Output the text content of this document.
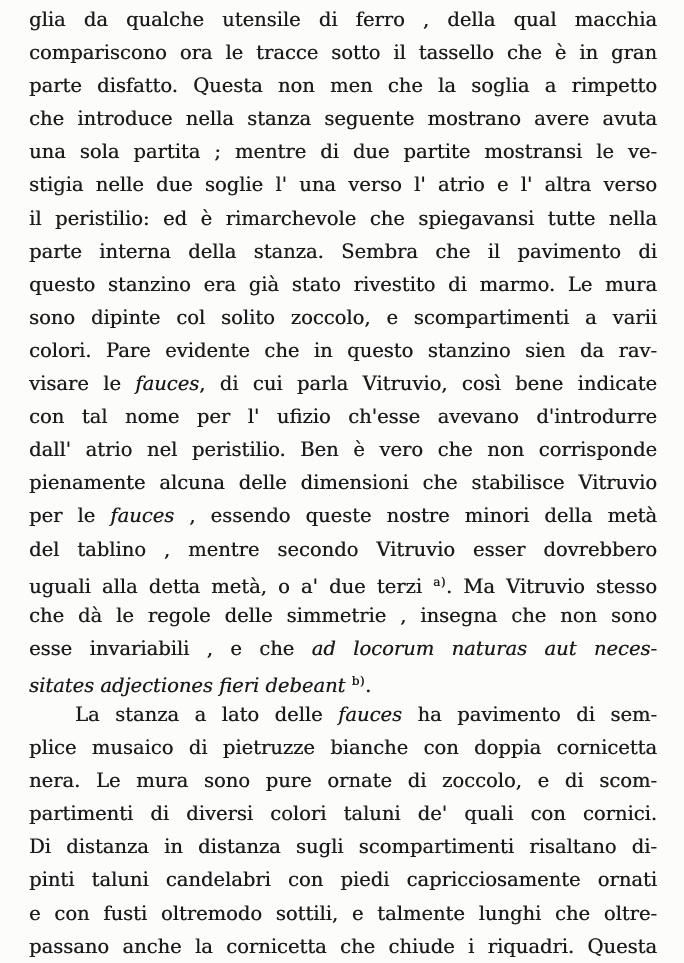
glia da qualche utensile di ferro , della qual macchia
compariscono ora le tracce sotto il tassello che è in gran
parte disfatto. Questa non men che la soglia a rimpetto
che introduce nella stanza seguente mostrano avere avuta
una sola partita ; mentre di due partite mostransi le ve-
stigia nelle due soglie l' una verso l' atrio e l' altra verso
il peristilio: ed è rimarchevole che spiegavansi tutte nella
parte interna della stanza. Sembra che il pavimento di
questo stanzino era già stato rivestito di marmo. Le mura
sono dipinte col solito zoccolo, e scompartimenti a varii
colori. Pare evidente che in questo stanzino sien da rav-
visare le fauces, di cui parla Vitruvio, così bene indicate
con tal nome per l' ufizio ch'esse avevano d'introdurre
dall' atrio nel peristilio. Ben è vero che non corrisponde
pienamente alcuna delle dimensioni che stabilisce Vitruvio
per le fauces , essendo queste nostre minori della metà
del tablino , mentre secondo Vitruvio esser dovrebbero
uguali alla detta metà, o a' due terzi $^{a)}$. Ma Vitruvio stesso
che dà le regole delle simmetrie , insegna che non sono
esse invariabili , e che ad locorum naturas aut neces-
sitates adjectiones fieri debeant $^{b)}$.
La stanza a lato delle fauces ha pavimento di sem-
plice musaico di pietruzze bianche con doppia cornicetta
nera. Le mura sono pure ornate di zoccolo, e di scom-
partimenti di diversi colori taluni de' quali con cornici.
Di distanza in distanza sugli scompartimenti risaltano di-
pinti taluni candelabri con piedi capricciosamente ornati
e con fusti oltremodo sottili, e talmente lunghi che oltre-
passano anche la cornicetta che chiude i riquadri. Questa
